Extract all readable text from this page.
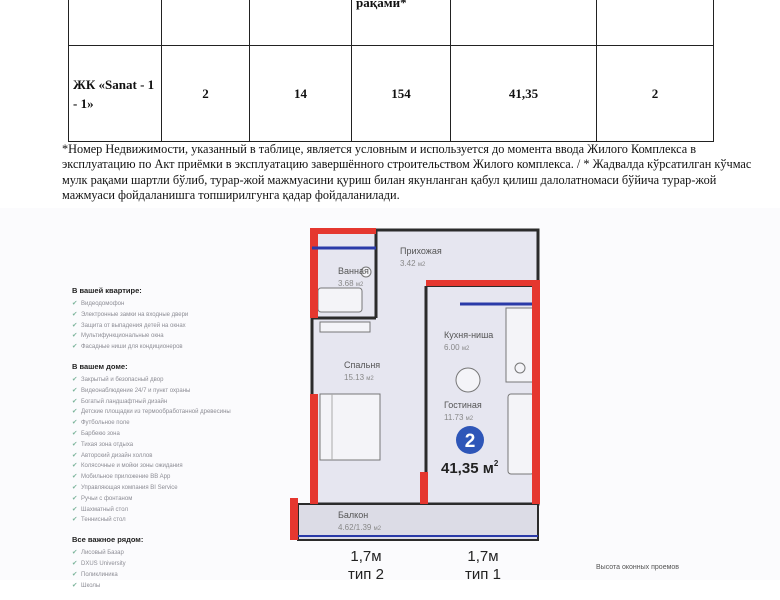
ЖК «Sanat - 1 - 1»	2	14	154	41,35	2
рақами*
*Номер Недвижимости, указанный в таблице, является условным и используется до момента ввода Жилого Комплекса в эксплуатацию по Акт приёмки в эксплуатацию завершённого строительством Жилого комплекса. / * Жадвалда кўрсатилган кўчмас мулк рақами шартли бўлиб, турар-жой мажмуасини қуриш билан якунланган қабул қилиш далолатномаси бўйича турар-жой мажмуаси фойдаланишга топширилгунга қадар фойдаланилади.
В вашей квартире:
✔ Видеодомофон
✔ Электронные замки на входные двери
✔ Защита от выпадения детей на окнах
✔ Мультифункциональные окна
✔ Фасадные ниши для кондиционеров
В вашем доме:
✔ Закрытый и безопасный двор
✔ Видеонаблюдение 24/7 и пункт охраны
✔ Богатый ландшафтный дизайн
✔ Детские площадки из термообработанной древесины
✔ Футбольное поле
✔ Барбекю зона
✔ Тихая зона отдыха
✔ Авторский дизайн холлов
✔ Колясочные и мойки зоны ожидания
✔ Мобильное приложение BB App
✔ Управляющая компания BI Service
✔ Ручьи с фонтаном
✔ Шахматный стол
✔ Теннисный стол
Все важное рядом:
✔ Лисовый Базар
✔ DXUS University
✔ Поликлиника
✔ Школы
Прихожая
3.42 м2
Ванная
3.68 м2
Кухня-ниша
6.00 м2
Спальня
15.13 м2
Гостиная
11.73 м2
Балкон
4.62/1.39 м2
2
41,35 $м^2$
1,7м
тип 2
1,7м
тип 1	Высота оконных проемов
